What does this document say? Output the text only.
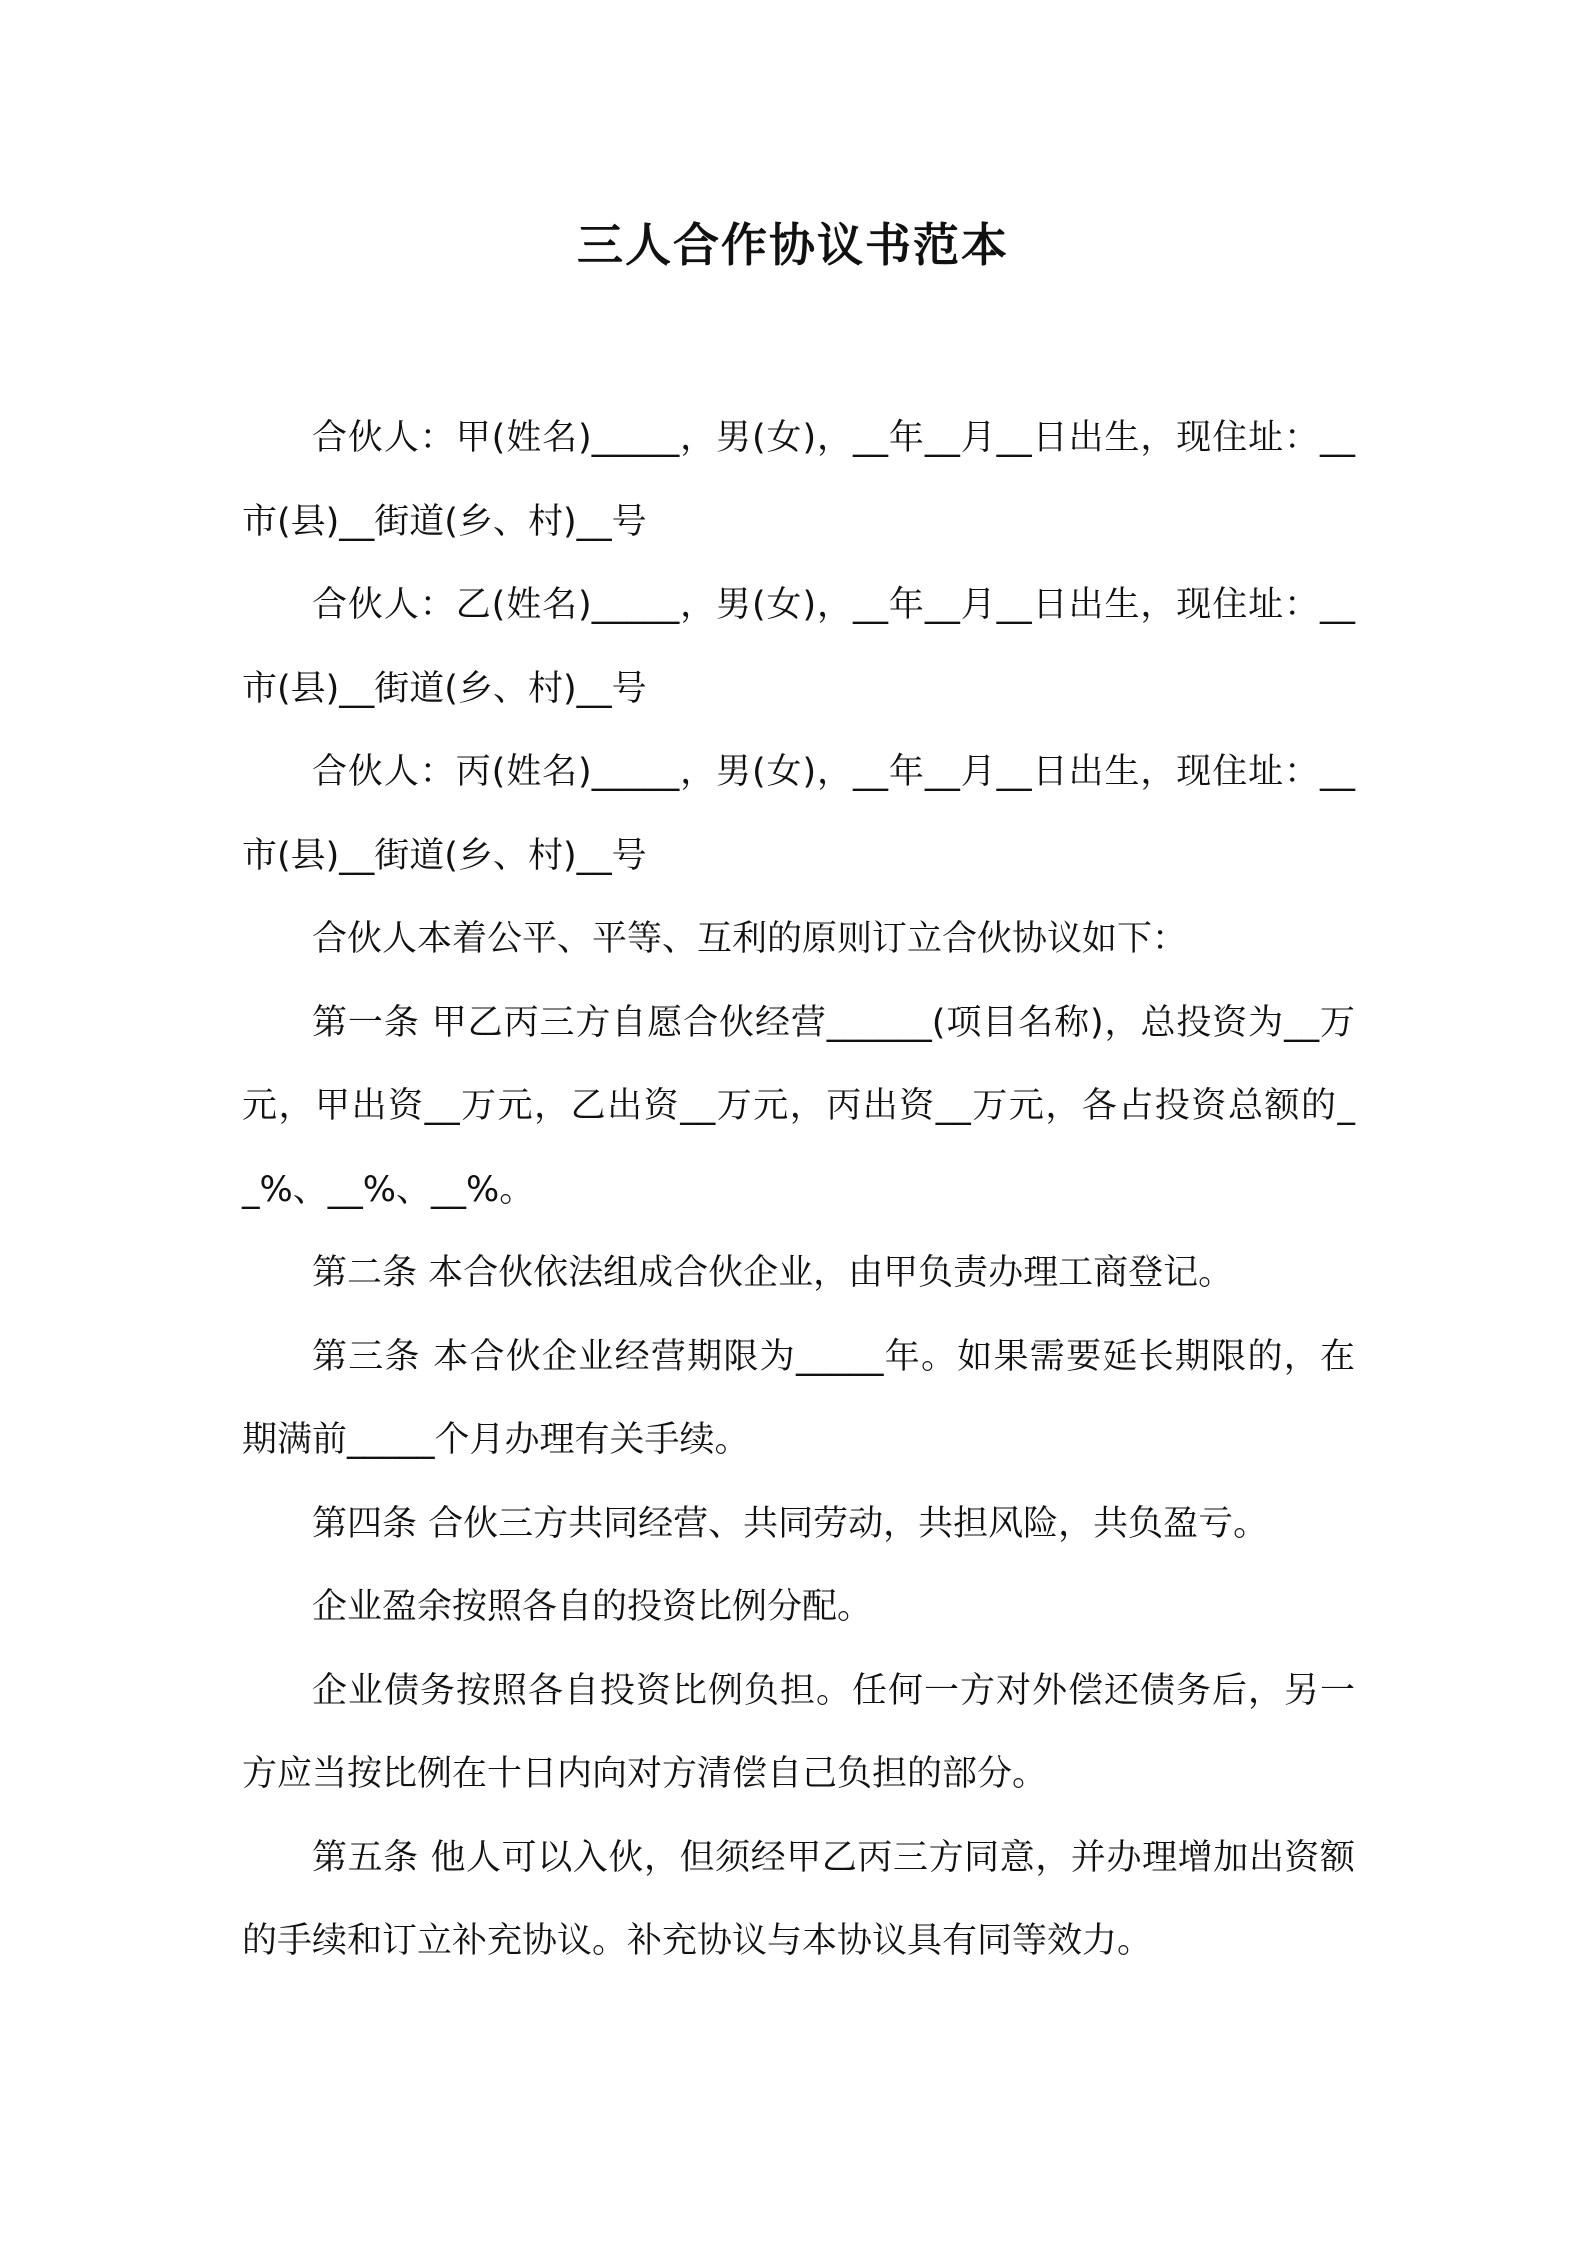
三人合作协议书范本

合伙人：甲(姓名)_____，男(女)，__年__月__日出生，现住址：__市(县)__街道(乡、村)__号

合伙人：乙(姓名)_____，男(女)，__年__月__日出生，现住址：__市(县)__街道(乡、村)__号

合伙人：丙(姓名)_____，男(女)，__年__月__日出生，现住址：__市(县)__街道(乡、村)__号

合伙人本着公平、平等、互利的原则订立合伙协议如下：

第一条 甲乙丙三方自愿合伙经营______(项目名称)，总投资为__万元，甲出资__万元，乙出资__万元，丙出资__万元，各占投资总额的__%、__%、__%。

第二条 本合伙依法组成合伙企业，由甲负责办理工商登记。

第三条 本合伙企业经营期限为_____年。如果需要延长期限的，在期满前_____个月办理有关手续。

第四条 合伙三方共同经营、共同劳动，共担风险，共负盈亏。

企业盈余按照各自的投资比例分配。

企业债务按照各自投资比例负担。任何一方对外偿还债务后，另一方应当按比例在十日内向对方清偿自己负担的部分。

第五条 他人可以入伙，但须经甲乙丙三方同意，并办理增加出资额的手续和订立补充协议。补充协议与本协议具有同等效力。
